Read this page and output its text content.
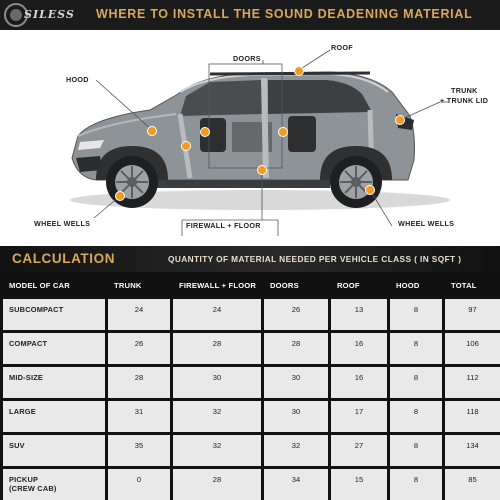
SILESS WHERE TO INSTALL THE SOUND DEADENING MATERIAL
DOORS
ROOF
HOOD
TRUNK
+ TRUNK LID
WHEEL WELLS	WHEEL WELLS
FIREWALL + FLOOR
CALCULATION	QUANTITY OF MATERIAL NEEDED PER VEHICLE CLASS ( IN SQFT )
MODEL OF CAR	TRUNK	FIREWALL + FLOOR	DOORS	ROOF	HOOD	TOTAL
SUBCOMPACT	24	24	26	13	8	97
COMPACT	26	28	28	16	8	106
MID-SIZE	28	30	30	16	8	112
LARGE	31	32	30	17	8	118
SUV	35	32	32	27	8	134
PICKUP
(CREW CAB)	0	28	34	15	8	85
